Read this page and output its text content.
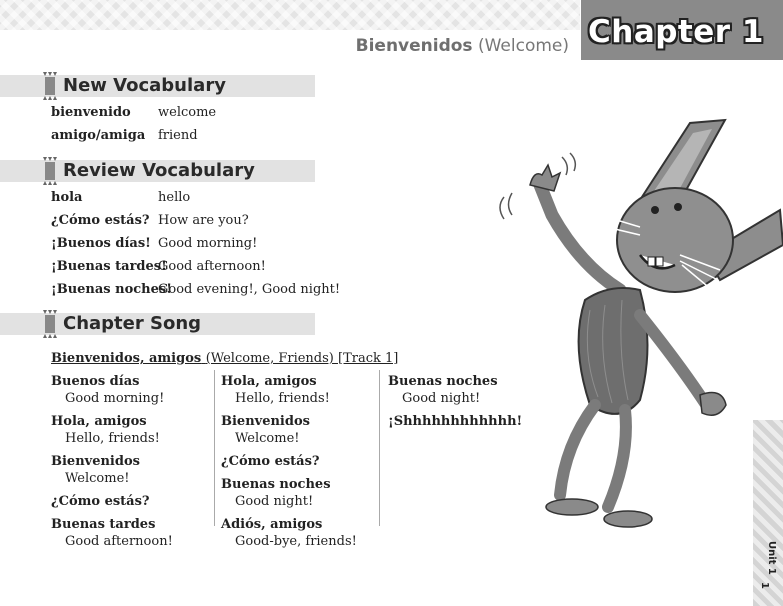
Chapter 1
Bienvenidos (Welcome)
New Vocabulary
bienvenido welcome
amigo/amiga friend
Review Vocabulary
hola	hello
¿Cómo estás? How are you?
¡Buenos días! Good morning!
¡Buenas tardes!
Good afternoon!
¡Buenas noches!
Good evening!, Good night!
Chapter Song
Bienvenidos, amigos (Welcome, Friends) [Track 1]
Buenos días
Good morning!
Hola, amigos
Hello, friends!
Bienvenidos
Welcome!
¿Cómo estás?
Buenas tardes
Good afternoon!
Hola, amigos
Hello, friends!
Bienvenidos
Welcome!
¿Cómo estás?
Buenas noches
Good night!
Adiós, amigos
Good-bye, friends!
Buenas noches
Good night!
¡Shhhhhhhhhhhh!
Unit 1
1
